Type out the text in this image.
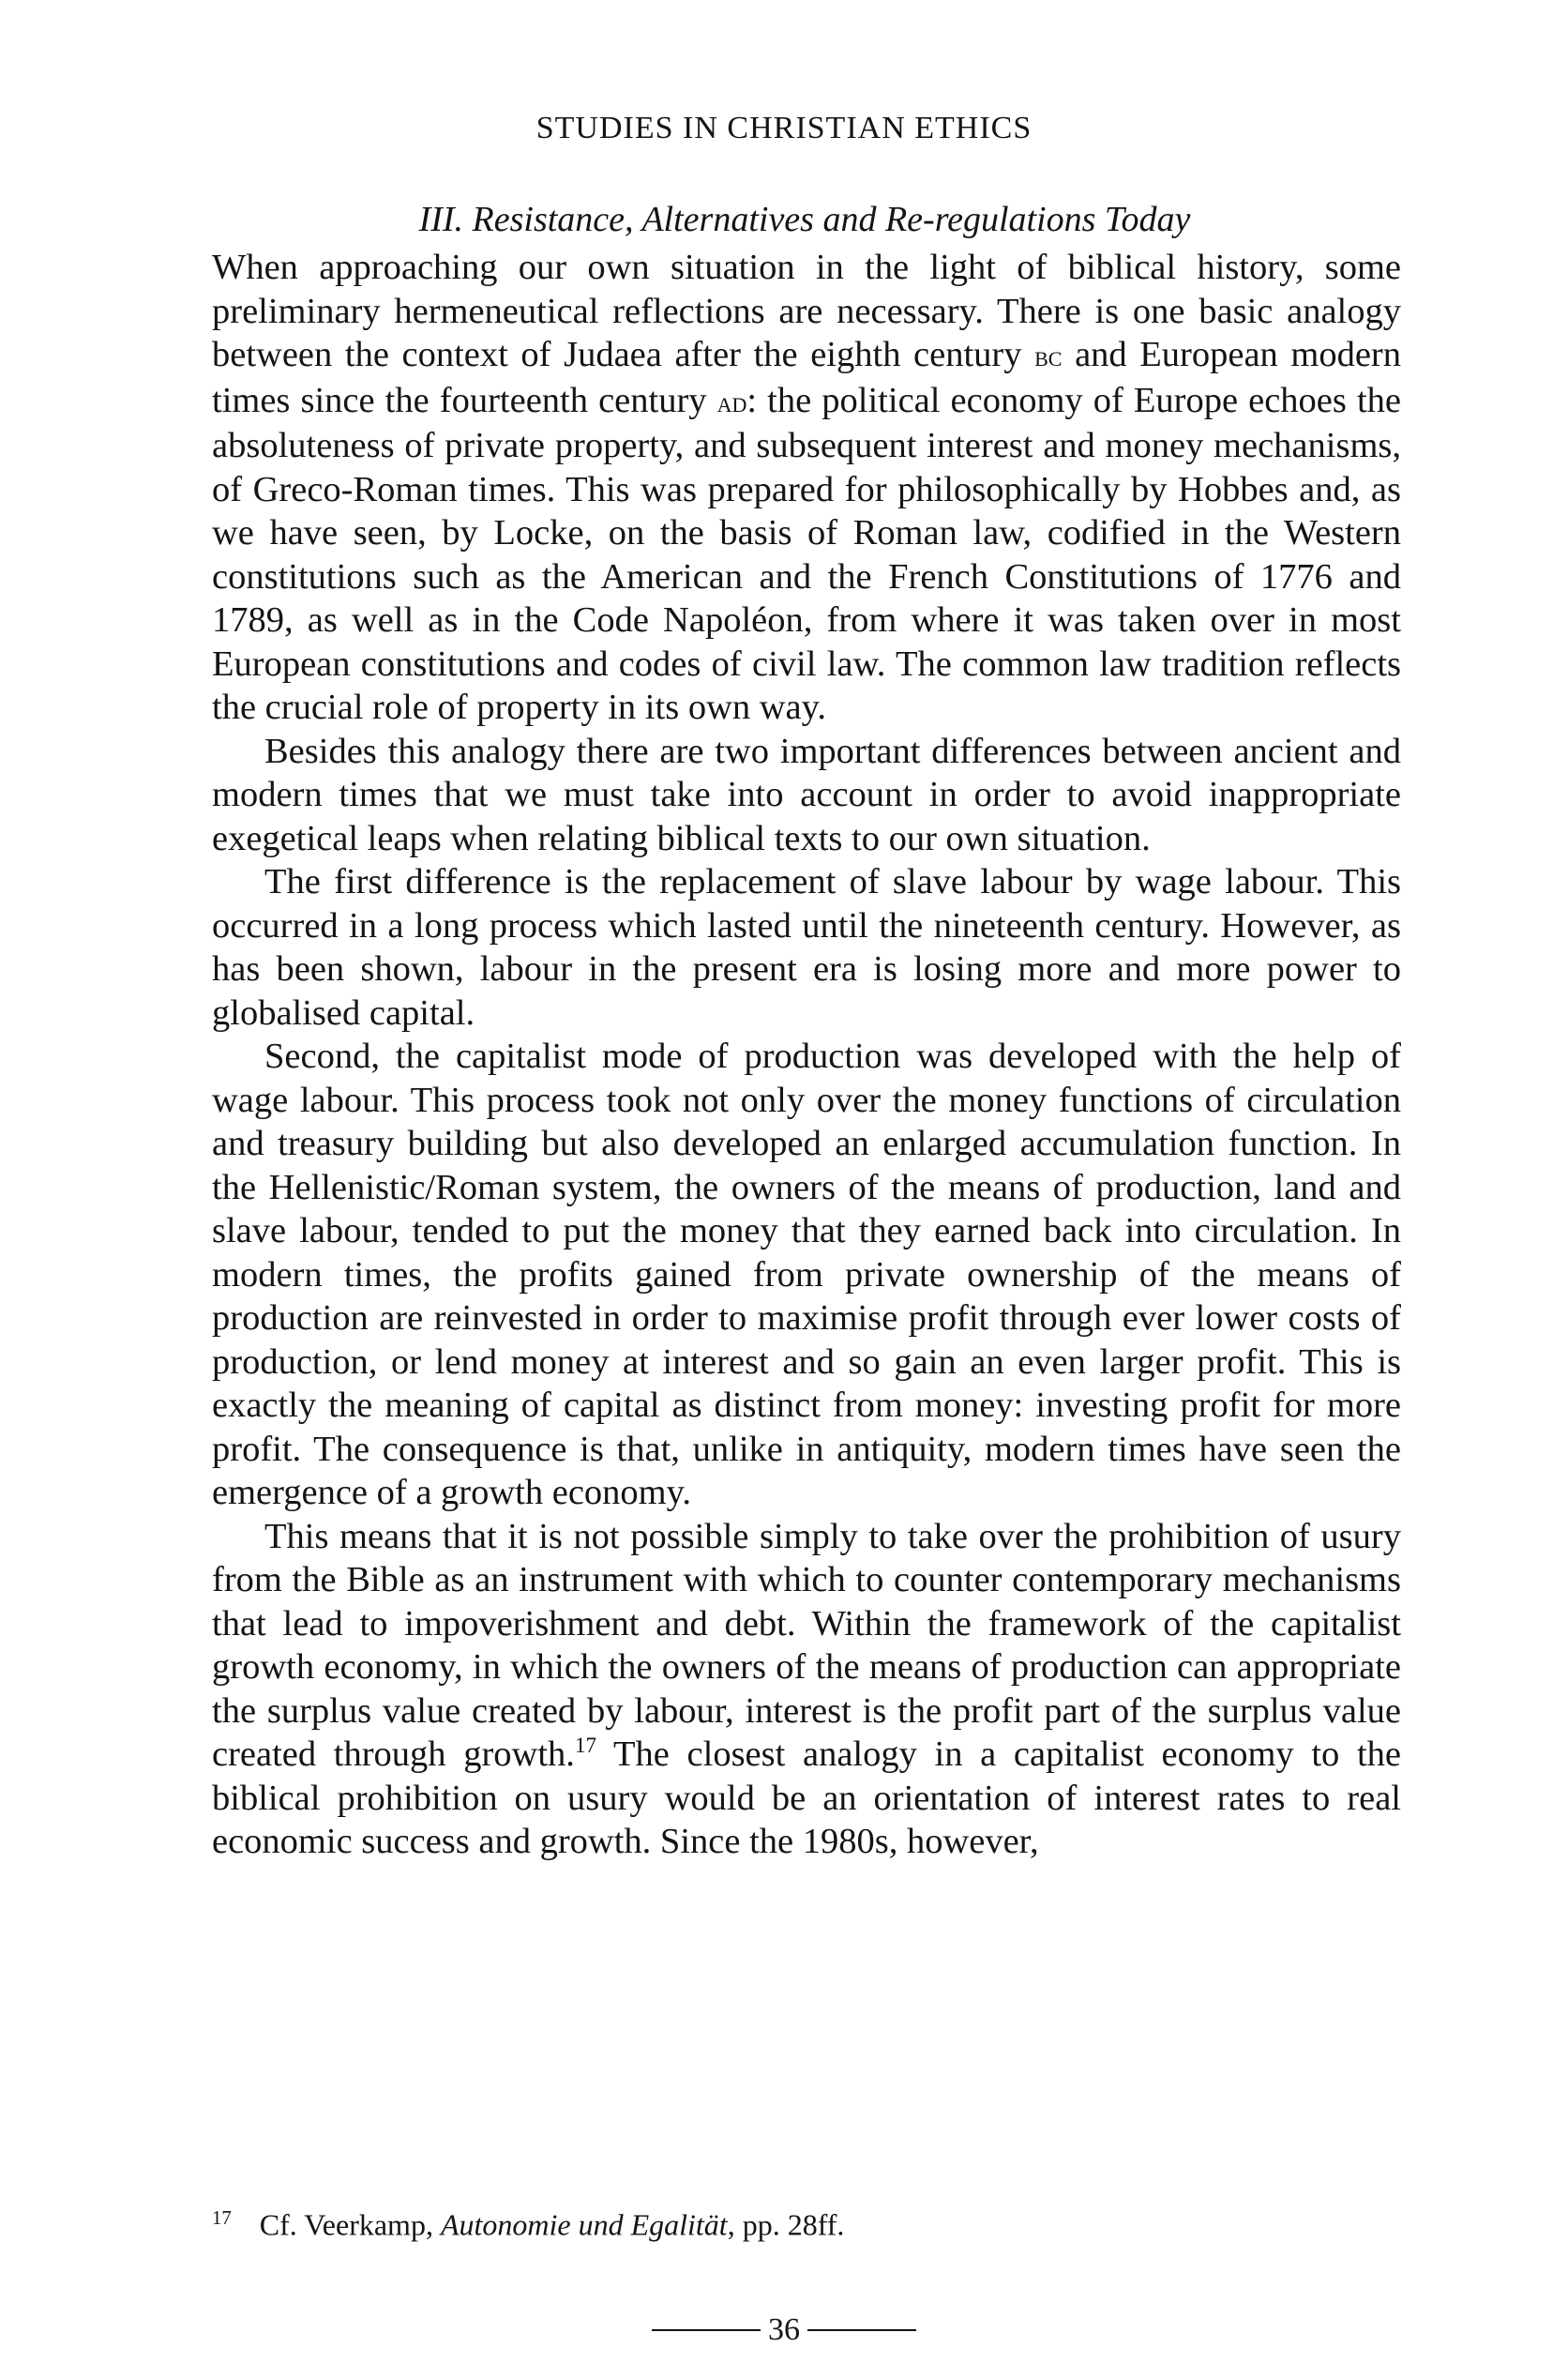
STUDIES IN CHRISTIAN ETHICS
III. Resistance, Alternatives and Re-regulations Today

When approaching our own situation in the light of biblical history, some preliminary hermeneutical reflections are necessary. There is one basic analogy between the context of Judaea after the eighth century bc and European modern times since the fourteenth century ad: the political economy of Europe echoes the absoluteness of private property, and subsequent interest and money mechanisms, of Greco-Roman times. This was prepared for philosophically by Hobbes and, as we have seen, by Locke, on the basis of Roman law, codified in the Western constitutions such as the American and the French Constitutions of 1776 and 1789, as well as in the Code Napoléon, from where it was taken over in most European constitutions and codes of civil law. The common law tradition reflects the crucial role of property in its own way.

Besides this analogy there are two important differences between ancient and modern times that we must take into account in order to avoid inappropriate exegetical leaps when relating biblical texts to our own situation.

The first difference is the replacement of slave labour by wage labour. This occurred in a long process which lasted until the nineteenth century. However, as has been shown, labour in the present era is losing more and more power to globalised capital.

Second, the capitalist mode of production was developed with the help of wage labour. This process took not only over the money functions of circulation and treasury building but also developed an enlarged accumulation function. In the Hellenistic/Roman system, the owners of the means of production, land and slave labour, tended to put the money that they earned back into circulation. In modern times, the profits gained from private ownership of the means of production are reinvested in order to maximise profit through ever lower costs of production, or lend money at interest and so gain an even larger profit. This is exactly the meaning of capital as distinct from money: investing profit for more profit. The consequence is that, unlike in antiquity, modern times have seen the emergence of a growth economy.

This means that it is not possible simply to take over the prohibition of usury from the Bible as an instrument with which to counter contemporary mechanisms that lead to impoverishment and debt. Within the framework of the capitalist growth economy, in which the owners of the means of production can appropriate the surplus value created by labour, interest is the profit part of the surplus value created through growth.$^{17}$ The closest analogy in a capitalist economy to the biblical prohibition on usury would be an orientation of interest rates to real economic success and growth. Since the 1980s, however,

$^{17}$ Cf. Veerkamp, Autonomie und Egalität, pp. 28ff.
36
